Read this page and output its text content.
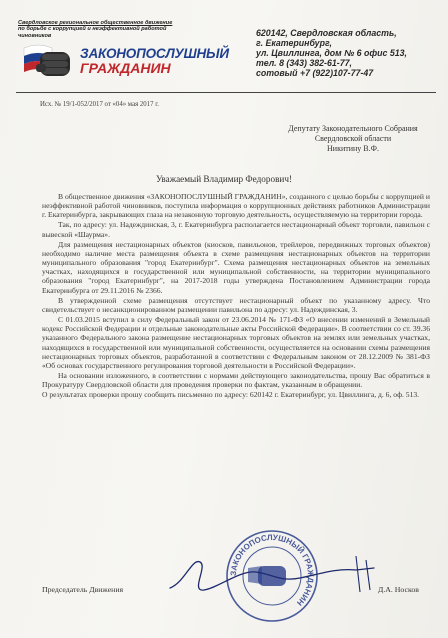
Свердловское региональное общественное движение
по борьбе с коррупцией и неэффективной работой чиновников
ЗАКОНОПОСЛУШНЫЙ
ГРАЖДАНИН
620142, Свердловская область,
г. Екатеринбург,
ул. Цвиллинга, дом № 6 офис 513,
тел. 8 (343) 382-61-77,
сотовый +7 (922)107-77-47
Исх. № 19/1-052/2017 от «04» мая 2017 г.
Депутату Законодательного Собрания
Свердловской области
Никитину В.Ф.
Уважаемый Владимир Федорович!

В общественное движения «ЗАКОНОПОСЛУШНЫЙ ГРАЖДАНИН», созданного с целью борьбы с коррупцией и неэффективной работой чиновников, поступила информация о коррупционных действиях работников Администрации г. Екатеринбурга, закрывающих глаза на незаконную торговую деятельность, осуществляемую на территории города.

Так, по адресу: ул. Надеждинская, 3, г. Екатеринбурга располагается нестационарный объект торговли, павильон с вывеской «Шаурма».

Для размещения нестационарных объектов (киосков, павильонов, трейлеров, передвижных торговых объектов) необходимо наличие места размещения объекта в схеме размещения нестационарных объектов на территории муниципального образования "город Екатеринбург". Схема размещения нестационарных объектов на земельных участках, находящихся в государственной или муниципальной собственности, на территории муниципального образования "город Екатеринбург", на 2017-2018 годы утверждена Постановлением Администрации города Екатеринбурга от 29.11.2016 № 2366.

В утвержденной схеме размещения отсутствует нестационарный объект по указанному адресу. Что свидетельствует о несанкционированном размещении павильона по адресу: ул. Надеждинская, 3.

С 01.03.2015 вступил в силу Федеральный закон от 23.06.2014 № 171-ФЗ «О внесении изменений в Земельный кодекс Российской Федерации и отдельные законодательные акты Российской Федерации». В соответствии со ст. 39.36 указанного Федерального закона размещение нестационарных торговых объектов на землях или земельных участках, находящихся в государственной или муниципальной собственности, осуществляется на основании схемы размещения нестационарных торговых объектов, разработанной в соответствии с Федеральным законом от 28.12.2009 № 381-ФЗ «Об основах государственного регулирования торговой деятельности в Российской Федерации».

На основании изложенного, в соответствии с нормами действующего законодательства, прошу Вас обратиться в Прокуратуру Свердловской области для проведения проверки по фактам, указанным в обращении.

О результатах проверки прошу сообщить письменно по адресу: 620142 г. Екатеринбург, ул. Цвиллинга, д. 6, оф. 513.

ЗАКОНОПОСЛУШНЫЙ ГРАЖДАНИН
Председатель Движения	Д.А. Носков
